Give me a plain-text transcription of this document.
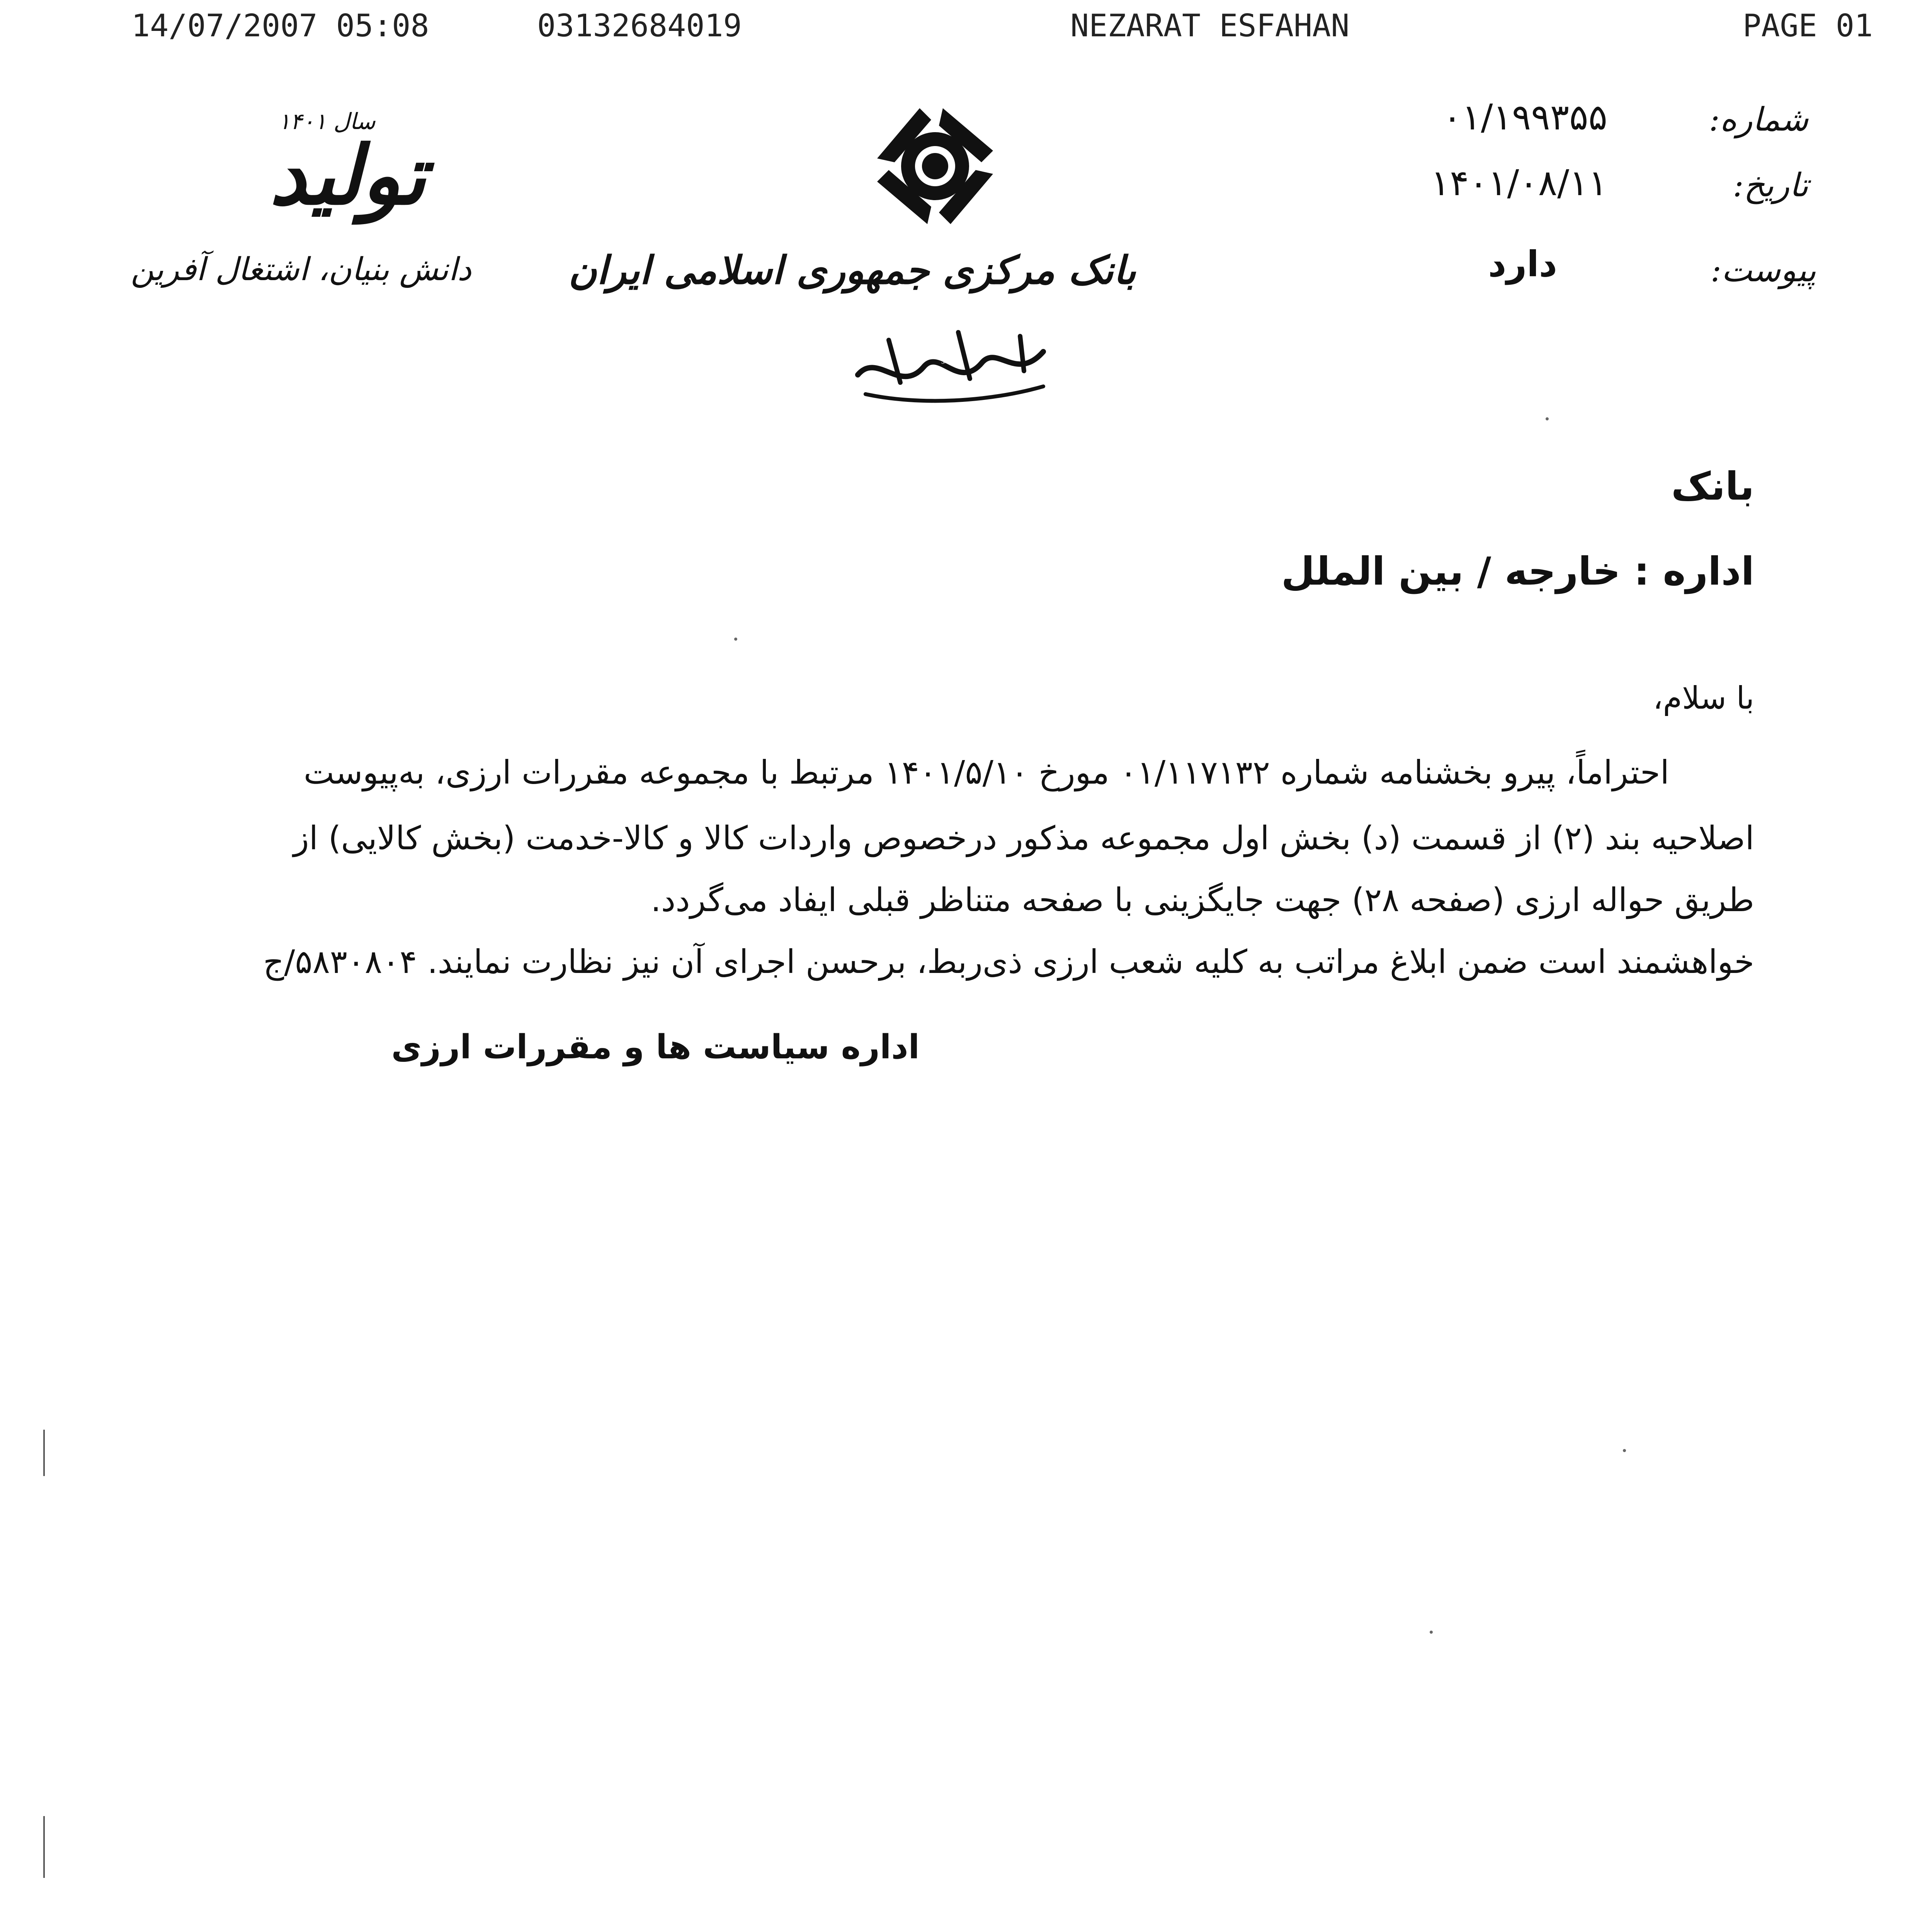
14/07/2007 05:08	03132684019	NEZARAT ESFAHAN	PAGE 01
شماره:
۰۱/۱۹۹۳۵۵
تاریخ:
۱۴۰۱/۰۸/۱۱
پیوست:
دارد
بانک مرکزی جمهوری اسلامی ایران
بسمه تعالی
سال ۱۴۰۱
تولید
دانش بنیان، اشتغال آفرین
بانک
اداره : خارجه / بین الملل
با سلام،
احتراماً، پیرو بخشنامه شماره ۰۱/۱۱۷۱۳۲ مورخ ۱۴۰۱/۵/۱۰ مرتبط با مجموعه مقررات ارزی، به‌پیوست
اصلاحیه بند (۲) از قسمت (د) بخش اول مجموعه مذکور درخصوص واردات کالا و کالا-خدمت (بخش کالایی) از
طریق حواله ارزی (صفحه ۲۸) جهت جایگزینی با صفحه متناظر قبلی ایفاد می‌گردد.
خواهشمند است ضمن ابلاغ مراتب به کلیه شعب ارزی ذی‌ربط، برحسن اجرای آن نیز نظارت نمایند. ۵۸۳۰۸۰۴/ج
اداره سیاست ها و مقررات ارزی
